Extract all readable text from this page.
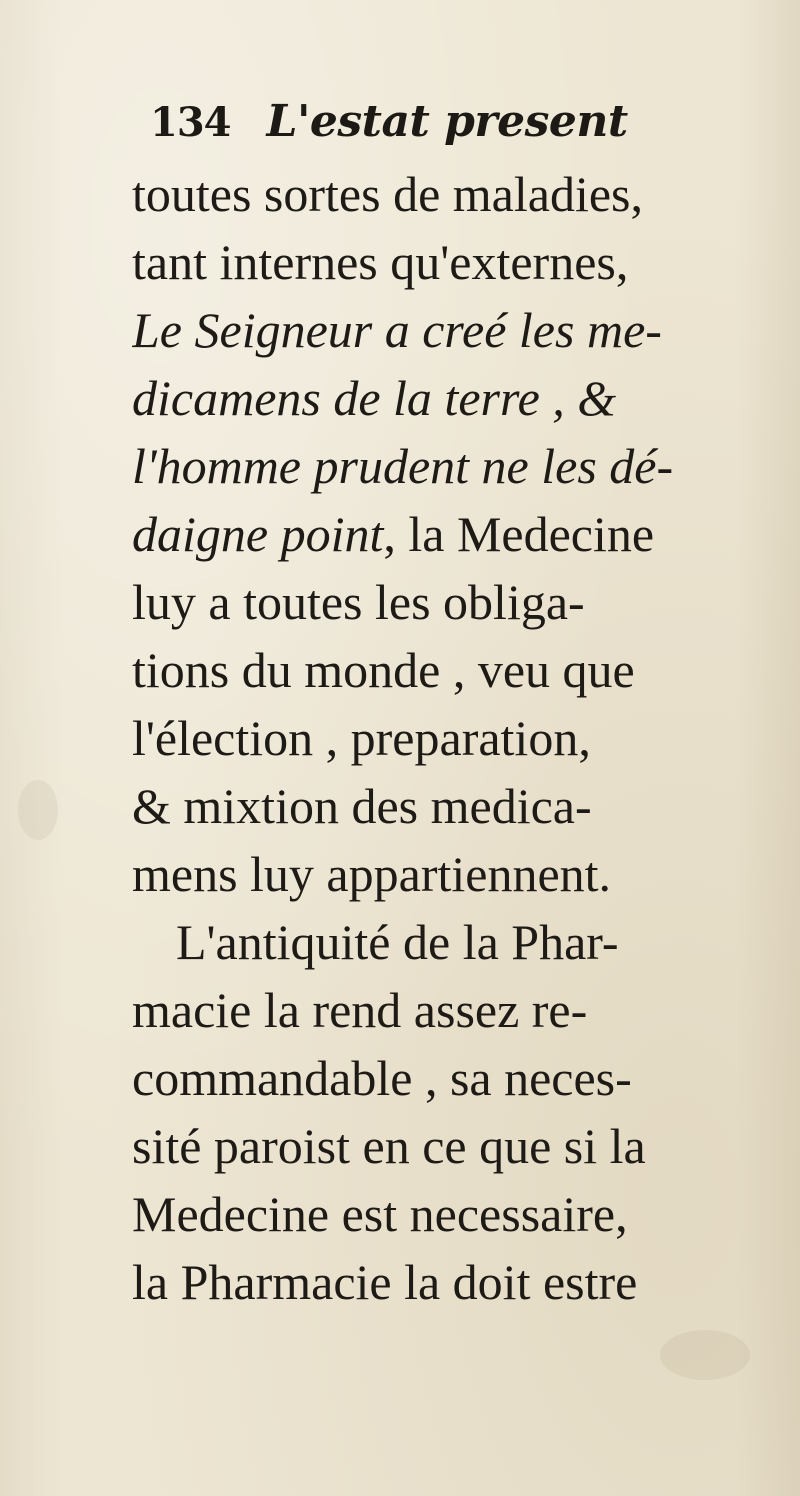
134 L'estat present
toutes sortes de maladies,
tant internes qu'externes,
Le Seigneur a creé les me-
dicamens de la terre , &
l'homme prudent ne les dé-
daigne point, la Medecine
luy a toutes les obliga-
tions du monde , veu que
l'élection , preparation,
& mixtion des medica-
mens luy appartiennent.
L'antiquité de la Phar-
macie la rend assez re-
commandable , sa neces-
sité paroist en ce que si la
Medecine est necessaire,
la Pharmacie la doit estre
